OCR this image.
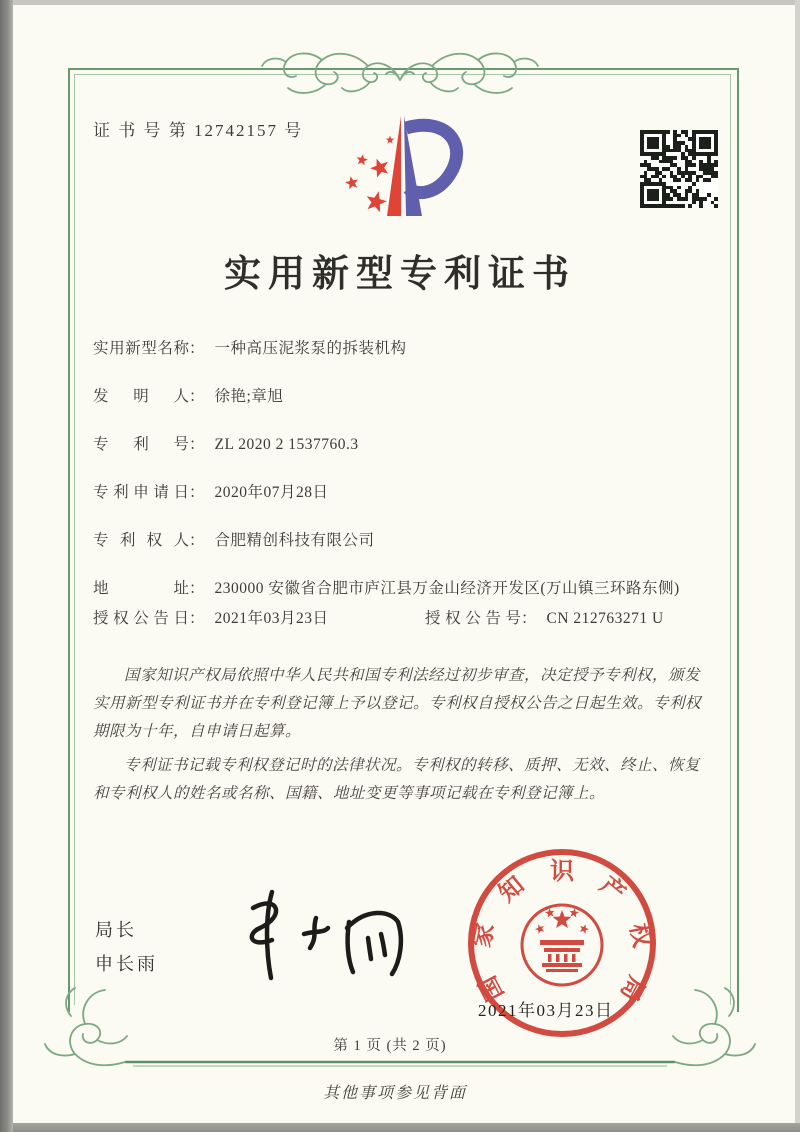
证 书 号 第 12742157 号
实用新型专利证书
实 用 新 型 名 称 ： 一种高压泥浆泵的拆装机构
发 明 人 ： 徐艳;章旭
专 利 号 ： ZL 2020 2 1537760.3
专 利 申 请 日 ： 2020年07月28日
专 利 权 人 ： 合肥精创科技有限公司
地	址 ： 230000 安徽省合肥市庐江县万金山经济开发区(万山镇三环路东侧)
授 权 公 告 日 ： 2021年03月23日	授 权 公 告 号 ： CN 212763271 U

国家知识产权局依照中华人民共和国专利法经过初步审查，决定授予专利权，颁发实用新型专利证书并在专利登记簿上予以登记。专利权自授权公告之日起生效。专利权期限为十年，自申请日起算。

专利证书记载专利权登记时的法律状况。专利权的转移、质押、无效、终止、恢复和专利权人的姓名或名称、国籍、地址变更等事项记载在专利登记簿上。

局长
申长雨
国
家
知
识
产
权
局
2021年03月23日
第 1 页 (共 2 页)
其他事项参见背面
